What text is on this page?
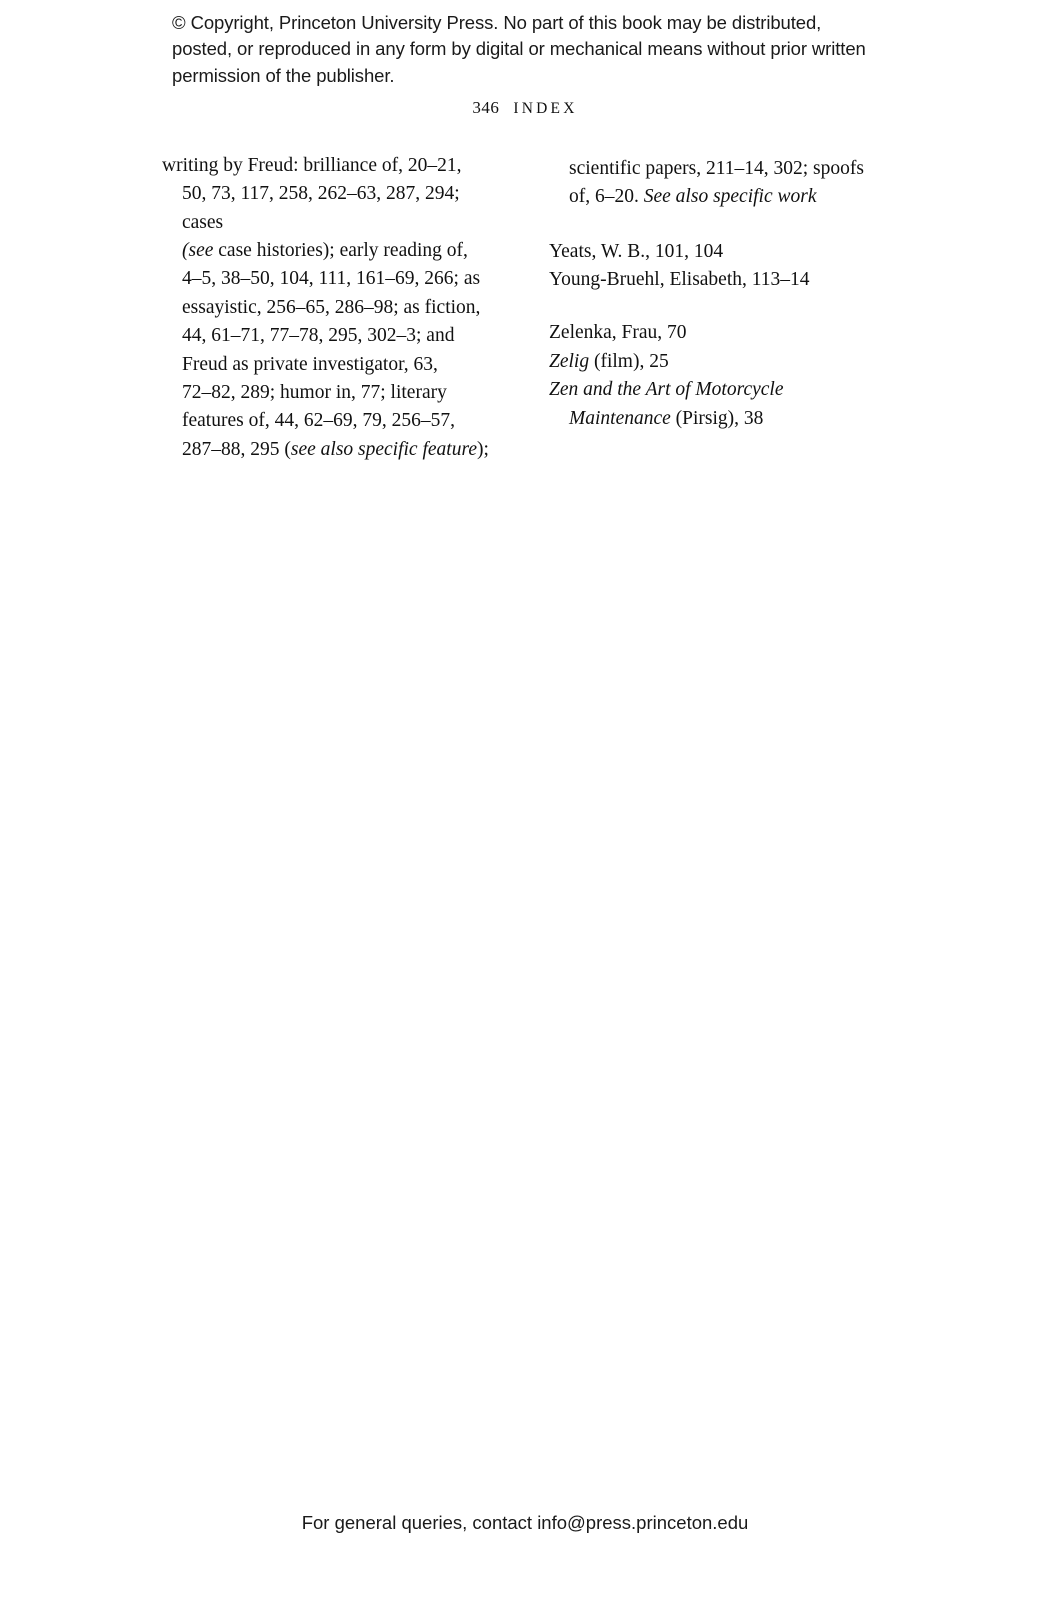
© Copyright, Princeton University Press. No part of this book may be distributed, posted, or reproduced in any form by digital or mechanical means without prior written permission of the publisher.
346 INDEX
writing by Freud: brilliance of, 20–21,
50, 73, 117, 258, 262–63, 287, 294; cases
(see case histories); early reading of,
4–5, 38–50, 104, 111, 161–69, 266; as
essayistic, 256–65, 286–98; as fiction,
44, 61–71, 77–78, 295, 302–3; and
Freud as private investigator, 63,
72–82, 289; humor in, 77; literary
features of, 44, 62–69, 79, 256–57,
287–88, 295 (see also specific feature);
scientific papers, 211–14, 302; spoofs
of, 6–20. See also specific work
Yeats, W. B., 101, 104
Young-Bruehl, Elisabeth, 113–14
Zelenka, Frau, 70
Zelig (film), 25
Zen and the Art of Motorcycle
Maintenance (Pirsig), 38
For general queries, contact info@press.princeton.edu
